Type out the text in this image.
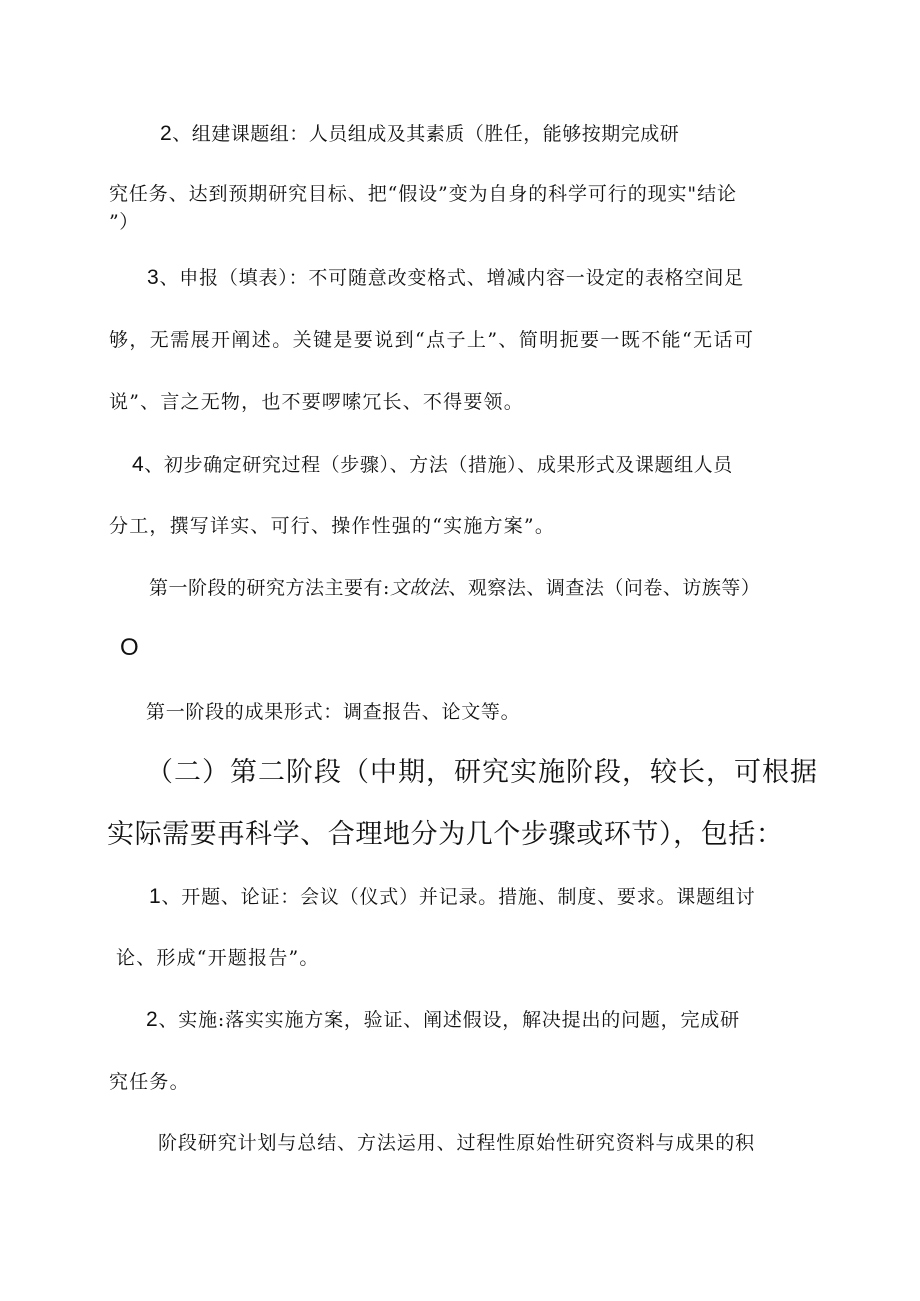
2、组建课题组：人员组成及其素质（胜任，能够按期完成研
究任务、达到预期研究目标、把“假设”变为自身的科学可行的现实"结论
”）
3、申报（填表）：不可随意改变格式、增减内容一设定的表格空间足
够，无需展开阐述。关键是要说到“点子上”、简明扼要一既不能“无话可
说”、言之无物，也不要啰嗦冗长、不得要领。
4、初步确定研究过程（步骤）、方法（措施）、成果形式及课题组人员
分工，撰写详实、可行、操作性强的“实施方案”。
第一阶段的研究方法主要有:文故法、观察法、调查法（问卷、访族等）
O
第一阶段的成果形式：调查报告、论文等。
（二）第二阶段（中期，研究实施阶段，较长，可根据
实际需要再科学、合理地分为几个步骤或环节），包括：
1、开题、论证：会议（仪式）并记录。措施、制度、要求。课题组讨
论、形成“开题报告”。
2、实施:落实实施方案，验证、阐述假设，解决提出的问题，完成研
究任务。
阶段研究计划与总结、方法运用、过程性原始性研究资料与成果的积
